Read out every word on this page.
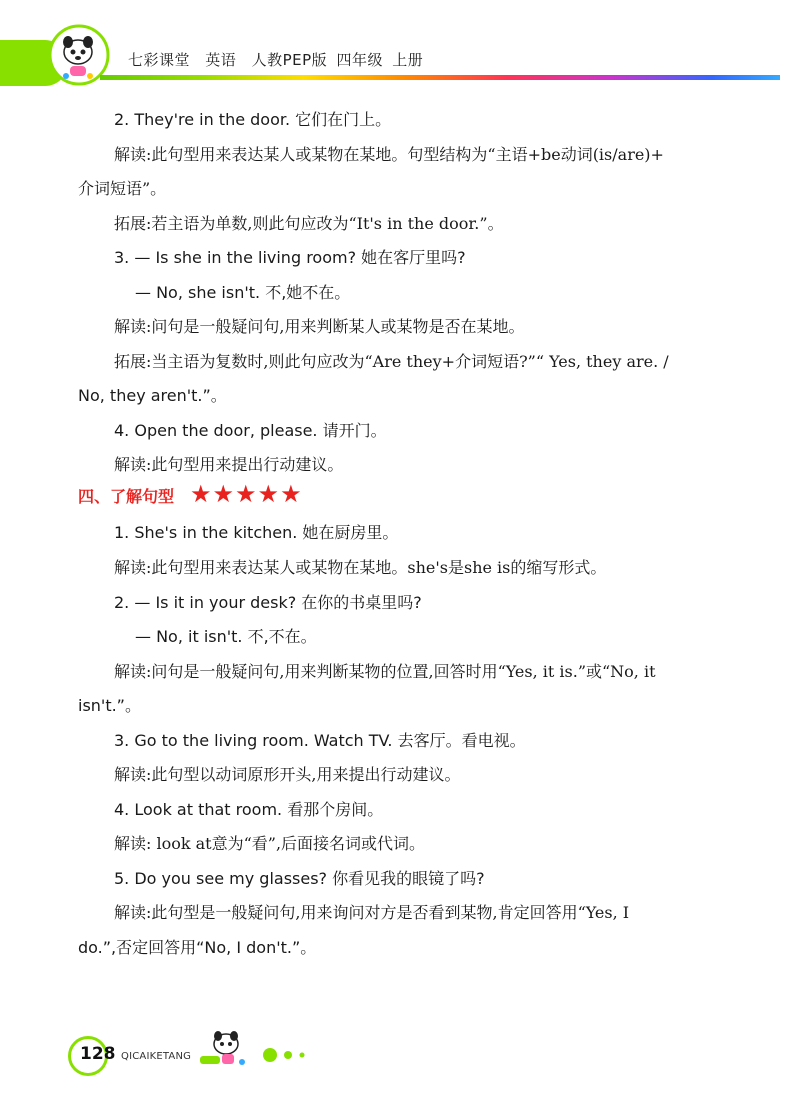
七彩课堂 英语 人教PEP版 四年级 上册
2. They're in the door. 它们在门上。
解读:此句型用来表达某人或某物在某地。句型结构为“主语+be动词(is/are)+
介词短语”。
拓展:若主语为单数,则此句应改为“It's in the door.”。
3. — Is she in the living room? 她在客厅里吗?
— No, she isn't. 不,她不在。
解读:问句是一般疑问句,用来判断某人或某物是否在某地。
拓展:当主语为复数时,则此句应改为“Are they+介词短语?”“ Yes, they are. /
No, they aren't.”。
4. Open the door, please. 请开门。
解读:此句型用来提出行动建议。
四、了解句型 ★★★★★
1. She's in the kitchen. 她在厨房里。
解读:此句型用来表达某人或某物在某地。she's是she is的缩写形式。
2. — Is it in your desk? 在你的书桌里吗?
— No, it isn't. 不,不在。
解读:问句是一般疑问句,用来判断某物的位置,回答时用“Yes, it is.”或“No, it
isn't.”。
3. Go to the living room. Watch TV. 去客厅。看电视。
解读:此句型以动词原形开头,用来提出行动建议。
4. Look at that room. 看那个房间。
解读: look at意为“看”,后面接名词或代词。
5. Do you see my glasses? 你看见我的眼镜了吗?
解读:此句型是一般疑问句,用来询问对方是否看到某物,肯定回答用“Yes, I
do.”,否定回答用“No, I don't.”。
128 QICAIKETANG
